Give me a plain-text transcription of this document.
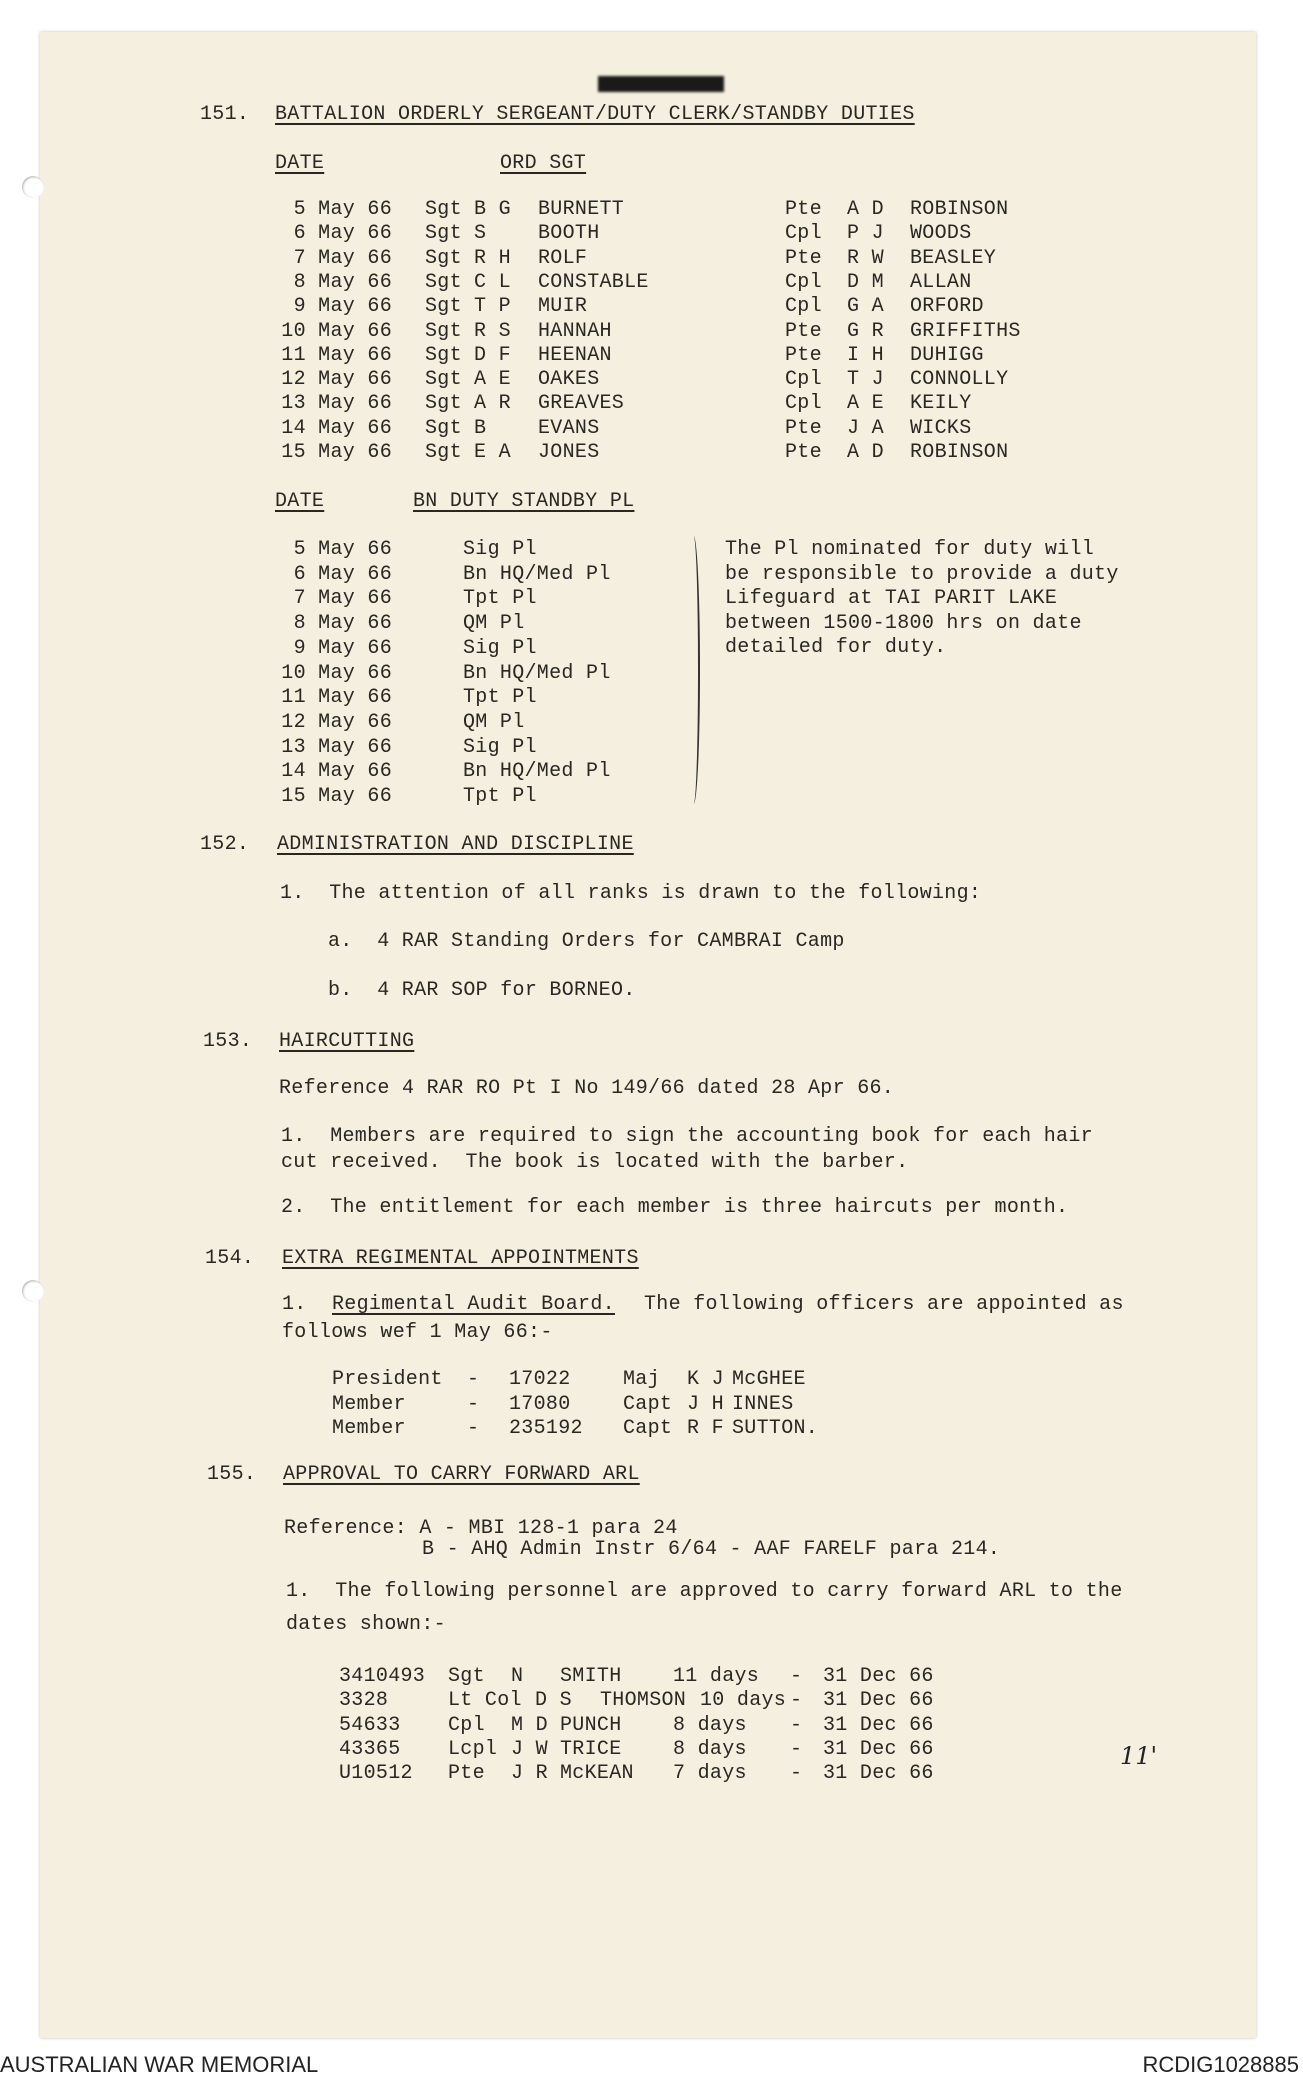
151. BATTALION ORDERLY SERGEANT/DUTY CLERK/STANDBY DUTIES
DATE	ORD SGT
5 May 66 Sgt B G BURNETT	Pte A D ROBINSON
6 May 66 Sgt S	BOOTH	Cpl P J WOODS
7 May 66 Sgt R H ROLF	Pte R W BEASLEY
8 May 66 Sgt C L CONSTABLE	Cpl D M ALLAN
9 May 66 Sgt T P MUIR	Cpl G A ORFORD
10 May 66 Sgt R S HANNAH	Pte G R GRIFFITHS
11 May 66 Sgt D F HEENAN	Pte I H DUHIGG
12 May 66 Sgt A E OAKES	Cpl T J CONNOLLY
13 May 66 Sgt A R GREAVES	Cpl A E KEILY
14 May 66 Sgt B	EVANS	Pte J A WICKS
15 May 66 Sgt E A JONES	Pte A D ROBINSON
DATE	BN DUTY STANDBY PL
5 May 66	Sig Pl
6 May 66	Bn HQ/Med Pl
7 May 66	Tpt Pl
8 May 66	QM Pl
9 May 66	Sig Pl
10 May 66	Bn HQ/Med Pl
11 May 66	Tpt Pl
12 May 66	QM Pl
13 May 66	Sig Pl
14 May 66	Bn HQ/Med Pl
15 May 66	Tpt Pl
The Pl nominated for duty will
be responsible to provide a duty
Lifeguard at TAI PARIT LAKE
between 1500-1800 hrs on date
detailed for duty.
152. ADMINISTRATION AND DISCIPLINE
1.  The attention of all ranks is drawn to the following:
a.  4 RAR Standing Orders for CAMBRAI Camp
b.  4 RAR SOP for BORNEO.
153. HAIRCUTTING
Reference 4 RAR RO Pt I No 149/66 dated 28 Apr 66.
1.  Members are required to sign the accounting book for each hair
cut received.  The book is located with the barber.
2.  The entitlement for each member is three haircuts per month.
154. EXTRA REGIMENTAL APPOINTMENTS
1. Regimental Audit Board. The following officers are appointed as
follows wef 1 May 66:-
President - 17022	Maj K J McGHEE
Member	- 17080	Capt J H INNES
Member	- 235192 Capt R F SUTTON.
155. APPROVAL TO CARRY FORWARD ARL
Reference: A - MBI 128-1 para 24
B - AHQ Admin Instr 6/64 - AAF FARELF para 214.
1.  The following personnel are approved to carry forward ARL to the
dates shown:-
3410493 Sgt N SMITH	11 days - 31 Dec 66
3328	Lt Col D S THOMSON 10 days - 31 Dec 66
54633 Cpl M D PUNCH	8 days - 31 Dec 66
43365 Lcpl J W TRICE	8 days - 31 Dec 66
U10512 Pte J R McKEAN 7 days - 31 Dec 66
11'
AUSTRALIAN WAR MEMORIAL	RCDIG1028885
